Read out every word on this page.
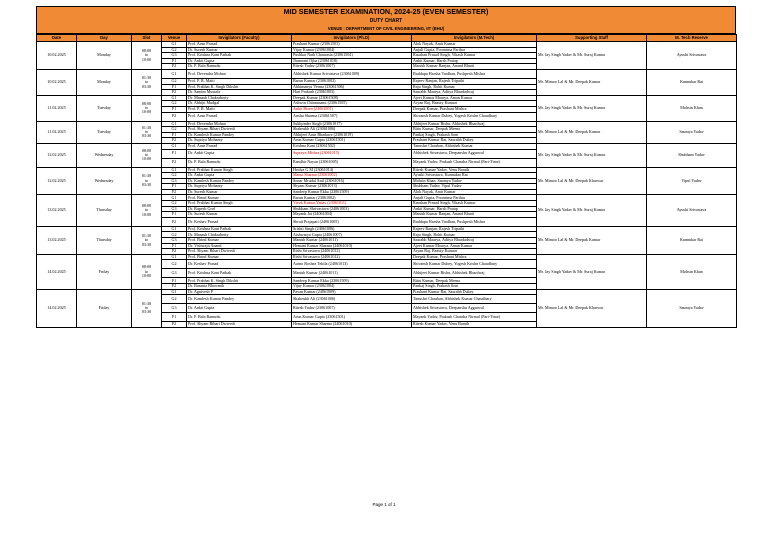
MID SEMESTER EXAMINATION, 2024-25 (EVEN SEMESTER)
DUTY CHART
VENUE : DEPARTMENT OF CIVIL ENGINEERING, IIT (BHU)
Date	Day	Slot	Venue	Invigilators (Faculty)	Invigilators (Ph.D)	Invigilators (M.Tech)	Supporting Staff	M. Tech Reserve
10.02.2025	Monday	08:00
to
10:00	G1	Prof. Arun Prasad	Prashant Kumar (23061503)	Alok Nayak, Amit Kumar	Mr. Jay Singh Yadav & Mr. Suraj Kumar	Ayushi Srivastava
			G2	Dr. Suresh Kumar	Vijay Kumar (23061004)	Anjali Gupta, Poornima Parihar		
			G3	Prof. Krishna Kant Pathak	Pushkar Nath Chaurasia (23061504)	Raushan Prasad Singh, Vikash Kumar		
			F1	Dr. Ankit Gupta	Jhumrani Ojha (23061018)	Ankit Kumar, Harsh Pratap		
			F2	Dr. P. Bala Ramudu	Ritesh Yadav (23061007)	Manish Kumar Ranjan, Anand Bharti		
10.02.2025	Monday	01:30
to
03:30	G1	Prof. Devendra Mohan	Abhishek Kumar Srivastava (23061009)	Buddapu Harsha Vardhan, Pushpesh Mishra	Mr. Mimoo Lal & Mr. Deepak Kumar	Kunnukar Rai
			G2	Prof. P. R. Maiti	Barun Kumar (23061002)	Rajeev Ranjan, Rajesh Tripathi		
			F1	Prof. Prabhat K. Singh Dikshit	Abhimanyu Verma (23061506)	Raju Singh, Rohit Kumar		
			F2	Dr. Samim Mustafa	Hari Prakash (23061003)	Saurabh Maurya, Aditya Bhardadwaj		
11.02.2025	Tuesday	08:00
to
10:00	G1	Dr. Manash Chakraborty	Deepak Kumar (23061508)	Ajeet Kumar Maurya, Aman Kumar	Mr. Jay Singh Yadav & Mr. Suraj Kumar	Mohsin Khan
			G2	Dr. Abhijit Mudgal	Ashwin Chinnusami (23061505)	Aryan Raj, Beauty Kumari		
			F1	Prof. P. R. Maiti	Ankit Bisen (23061001)	Deepak Kumar, Prashant Mishra		
			F2	Prof. Arun Prasad	Anshu Sharma (23061507)	Shivansh Kumar Dubey, Yogesh Krishn Chaudhary		
11.02.2025	Tuesday	01:30
to
03:30	G1	Prof. Devendra Mohan	Sukhjinder Singh (23061017)	Abhijeet Kumar Bishu, Abhishek Bhardwaj	Mr. Mimoo Lal & Mr. Deepak Kumar	Saumya Yadav
			G2	Prof. Shyam Bihari Dwivedi	Shaheukh Ali (23061006)	Bittu Kumar, Deepak Meena		
			F1	Dr. Kamlesh Kumar Pandey	Abhijeet Arun Bhadawe (23061019)	Pankaj Singh, Prakash Soni		
			F2	Dr. Supriya Mohanty	Arun Kumar Gupta (23061501)	Prashant Kumar Rai, Saurabh Dubey		
12.02.2025	Wednesday	08:00
to
10:00	G1	Prof. Arun Prasad	Krishna Kant (23061502)	Tanushri Chauhan, Abhishek Kumar	Mr. Jay Singh Yadav & Mr. Suraj Kumar	Shubham Yadav
			F1	Dr. Ankit Gupta	Supreya Mishra (23061015)	Abhishek Srivastava, Deepanshu Aggarwal		
			F2	Dr. P. Bala Ramudu	Randhir Nayan (23061005)	Mayank Yadav, Prakash Chandra Nirmal (Part-Time)		
12.02.2025	Wednesday	01:30
to
03:30	G1	Prof. Prabhat Kumar Singh	Hridya G M (23061014)	Ritesh Kumar Yadav, Venu Baruth	Mr. Mimoo Lal & Mr. Deepak Kharwar	Vipul Yadav
			G2	Dr. Ankit Gupta	Mansi Sharma (23061002)	Ayushi Srivastava, Kunnukar Rai		
			G3	Dr. Kamlesh Kumar Pandey	Sonar Mrudul Anil (23061016)	Mohsin Khan, Saumya Yadav		
			F1	Dr. Supriya Mohanty	Shyam Kumar (23061013)	Shubham Yadav, Vipul Yadav		
			F2	Dr. Suresh Kumar	Sandeep Kumar Ekka (23061509)	Alok Nayak, Amit Kumar		
13.02.2025	Thursday	08:00
to
10:00	G1	Prof. Brind Kumar	Barun Kumar (23061002)	Anjali Gupta, Poornima Parihar	Mr. Jay Singh Yadav & Mr. Suraj Kumar	Ayushi Srivastava
			G2	Prof. Prabhat Kumar Singh	Vivek Kumar Yadav (23061011)	Raushan Prasad Singh, Vikash Kumar		
			G3	Dr. Rupesh Goel	Shubham Shrivastava (24061003)	Ankit Kumar, Harsh Pratap		
			F1	Dr. Suresh Kumar	Mayank Jai (24061004)	Manish Kumar Ranjan, Anand Bharti		
			F2	Dr. Keshav Prasad	Shruti Prajapati (24061005)	Buddapu Harsha Vardhan, Pushpesh Mishra		
13.02.2025	Thursday	01:30
to
03:30	G1	Prof. Krishna Kant Pathak	Srishti Singh (24061006)	Rajeev Ranjan, Rajesh Tripathi	Mr. Mimoo Lal & Mr. Deepak Kumar	Kunnukar Rai
			G2	Dr. Manash Chakraborty	Aishwarya Gupta (24061007)	Raju Singh, Rohit Kumar		
			G3	Prof. Brind Kumar	Manish Kumar (24061011)	Saurabh Maurya, Aditya Bhardadwaj		
			F1	Dr. Vishwajit Anand	Hemant Kumar Sharma (24061010)	Ajeet Kumar Maurya, Aman Kumar		
			F2	Prof. Shyam Bihari Dwivedi	Rishi Srivastava (24061012)	Aryan Raj, Beauty Kumari		
14.02.2025	Friday	08:00
to
10:00	G1	Prof. Brind Kumar	Rishi Srivastava (24061012)	Deepak Kumar, Prashant Mishra	Mr. Jay Singh Yadav & Mr. Suraj Kumar	Mohsin Khan
			G2	Dr. Keshav Prasad	Aarno Boshea Tekila (24061013)	Shivansh Kumar Dubey, Yogesh Krishn Chaudhary		
			G3	Prof. Krishna Kant Pathak	Manish Kumar (24061011)	Abhijeet Kumar Bishu, Abhishek Bhardwaj		
			F1	Prof. Prabhat K. Singh Dikshit	Sandeep Kumar Ekka (23061509)	Bittu Kumar, Deepak Meena		
			F2	Dr. Basanta Bhowmik	Vijay Kumar (23061004)	Pankaj Singh, Prakash Soni		
14.02.2025	Friday	01:30
to
03:30	G1	Dr. Agnivesh P	Pavan Kumar (24061009)	Prashant Kumar Rai, Saurabh Dubey	Mr. Mimoo Lal & Mr. Deepak Kharwar	Saumya Yadav
			G2	Dr. Kamlesh Kumar Pandey	Shaheukh Ali (23061006)	Tanushri Chauhan, Abhishek Kumar Chaudhary		
			G3	Dr. Ankit Gupta	Ritesh Yadav (23061007)	Abhishek Srivastava, Deepanshu Aggarwal		
			F1	Dr. P. Bala Ramudu	Arun Kumar Gupta (23061501)	Mayank Yadav, Prakash Chandra Nirmal (Part-Time)		
			F2	Prof. Shyam Bihari Dwivedi	Hemant Kumar Sharma (24061010)	Ritesh Kumar Yadav, Venu Baruth		
Page 1 of 1
